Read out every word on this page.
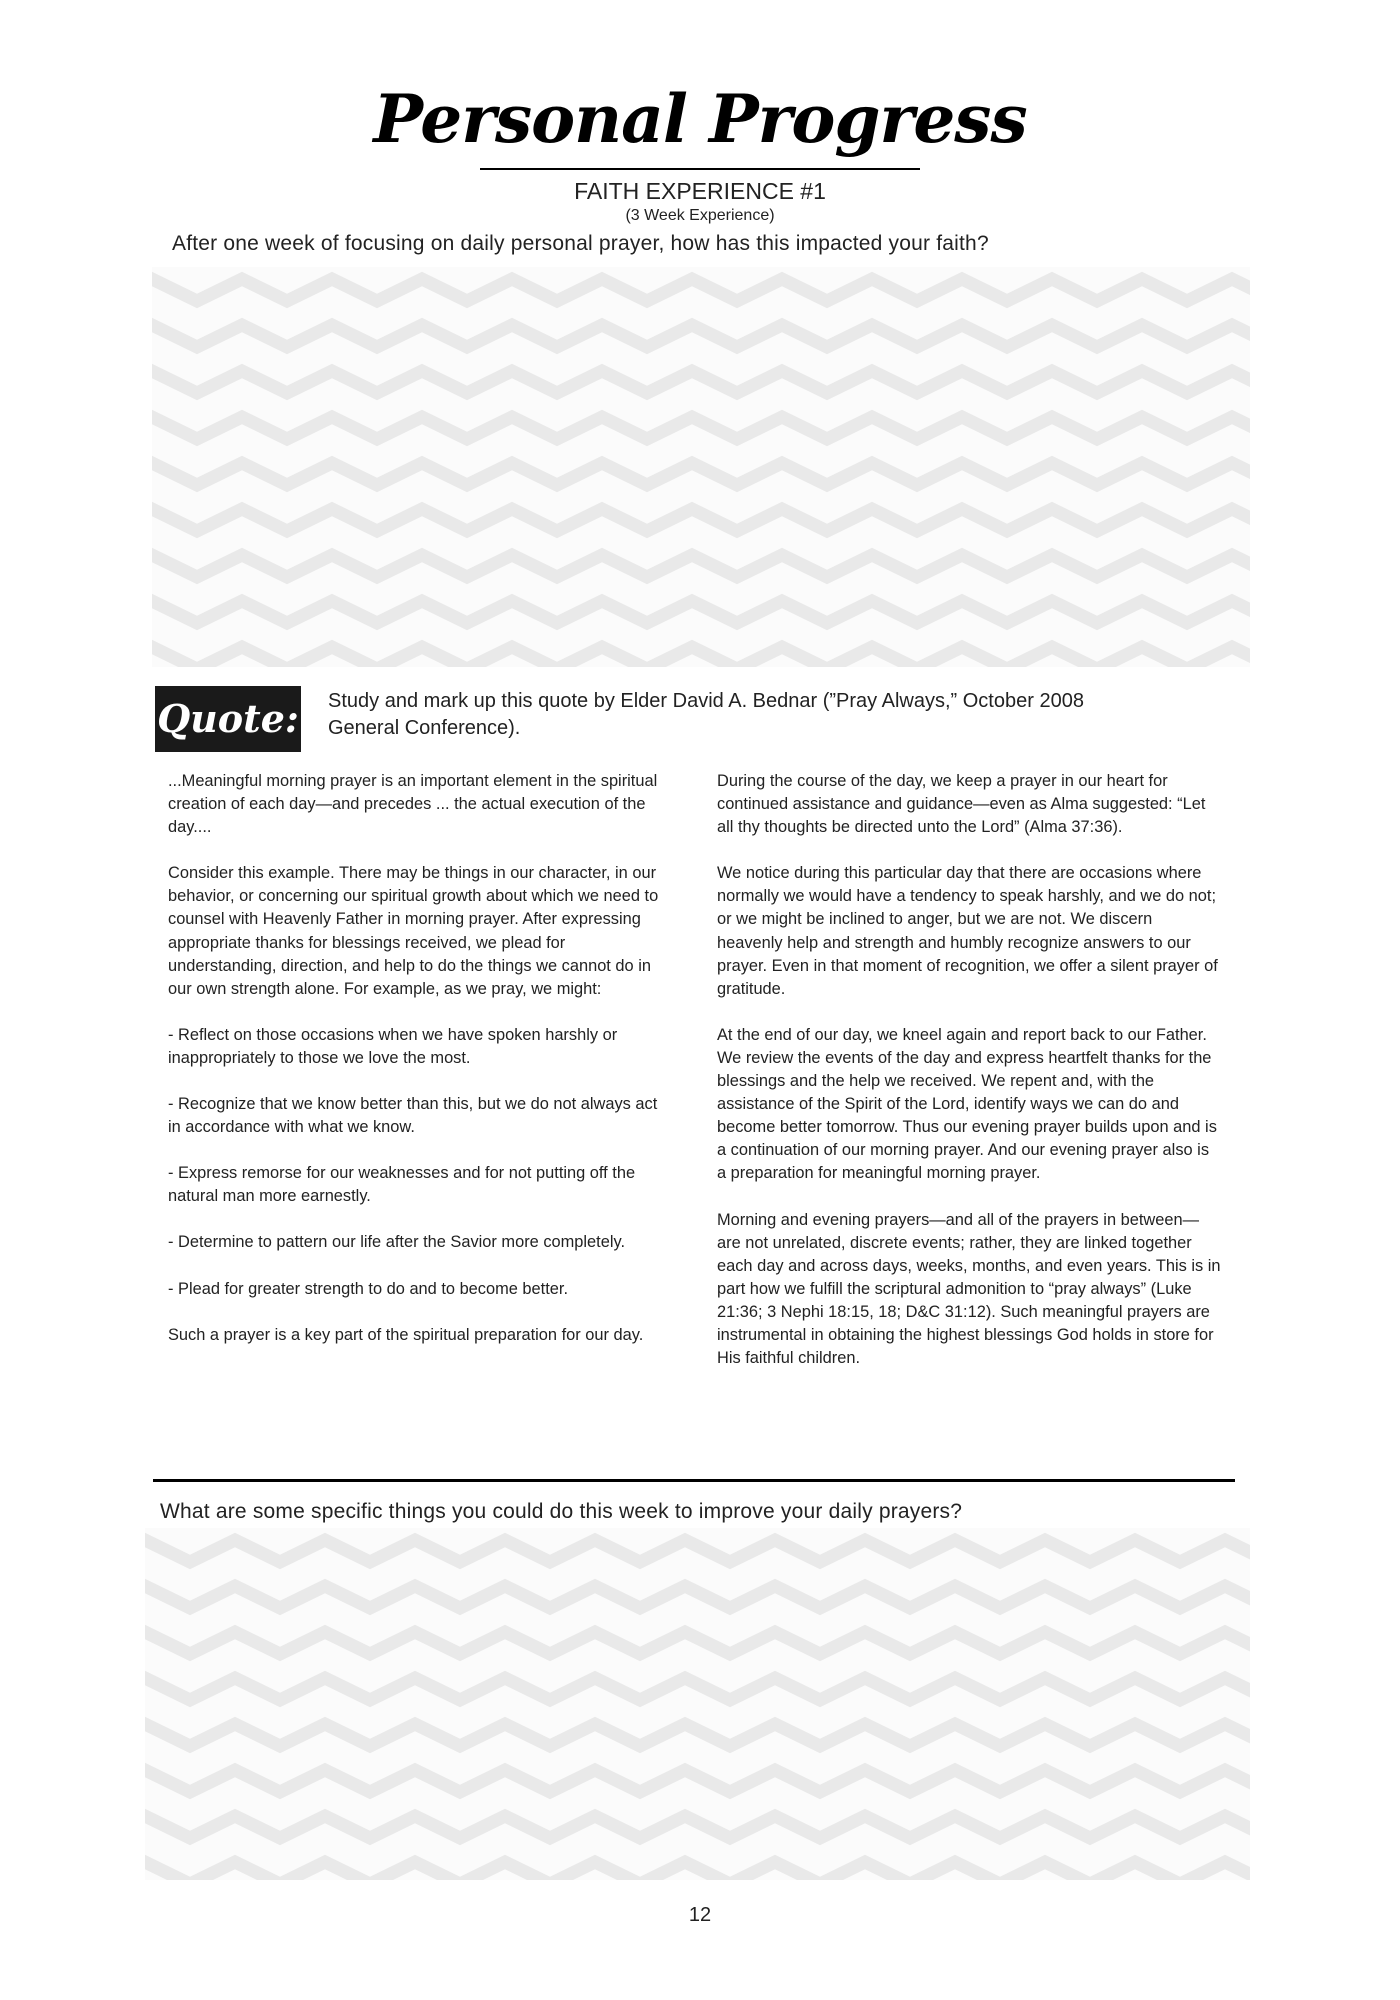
Personal Progress
FAITH EXPERIENCE #1
(3 Week Experience)
After one week of focusing on daily personal prayer, how has this impacted your faith?
Quote: Study and mark up this quote by Elder David A. Bednar (”Pray Always,” October 2008 General Conference).

...Meaningful morning prayer is an important element in the spiritual creation of each day—and precedes ... the actual execution of the day....

Consider this example. There may be things in our character, in our behavior, or concerning our spiritual growth about which we need to counsel with Heavenly Father in morning prayer. After expressing appropriate thanks for blessings received, we plead for understanding, direction, and help to do the things we cannot do in our own strength alone. For example, as we pray, we might:

- Reflect on those occasions when we have spoken harshly or inappropriately to those we love the most.

- Recognize that we know better than this, but we do not always act in accordance with what we know.

- Express remorse for our weaknesses and for not putting off the natural man more earnestly.

- Determine to pattern our life after the Savior more completely.

- Plead for greater strength to do and to become better.

Such a prayer is a key part of the spiritual preparation for our day.

During the course of the day, we keep a prayer in our heart for continued assistance and guidance—even as Alma suggested: “Let all thy thoughts be directed unto the Lord” (Alma 37:36).

We notice during this particular day that there are occasions where normally we would have a tendency to speak harshly, and we do not; or we might be inclined to anger, but we are not. We discern heavenly help and strength and humbly recognize answers to our prayer. Even in that moment of recognition, we offer a silent prayer of gratitude.

At the end of our day, we kneel again and report back to our Father. We review the events of the day and express heartfelt thanks for the blessings and the help we received. We repent and, with the assistance of the Spirit of the Lord, identify ways we can do and become better tomorrow. Thus our evening prayer builds upon and is a continuation of our morning prayer. And our evening prayer also is a preparation for meaningful morning prayer.

Morning and evening prayers—and all of the prayers in between—are not unrelated, discrete events; rather, they are linked together each day and across days, weeks, months, and even years. This is in part how we fulfill the scriptural admonition to “pray always” (Luke 21:36; 3 Nephi 18:15, 18; D&C 31:12). Such meaningful prayers are instrumental in obtaining the highest blessings God holds in store for His faithful children.

What are some specific things you could do this week to improve your daily prayers?
12
